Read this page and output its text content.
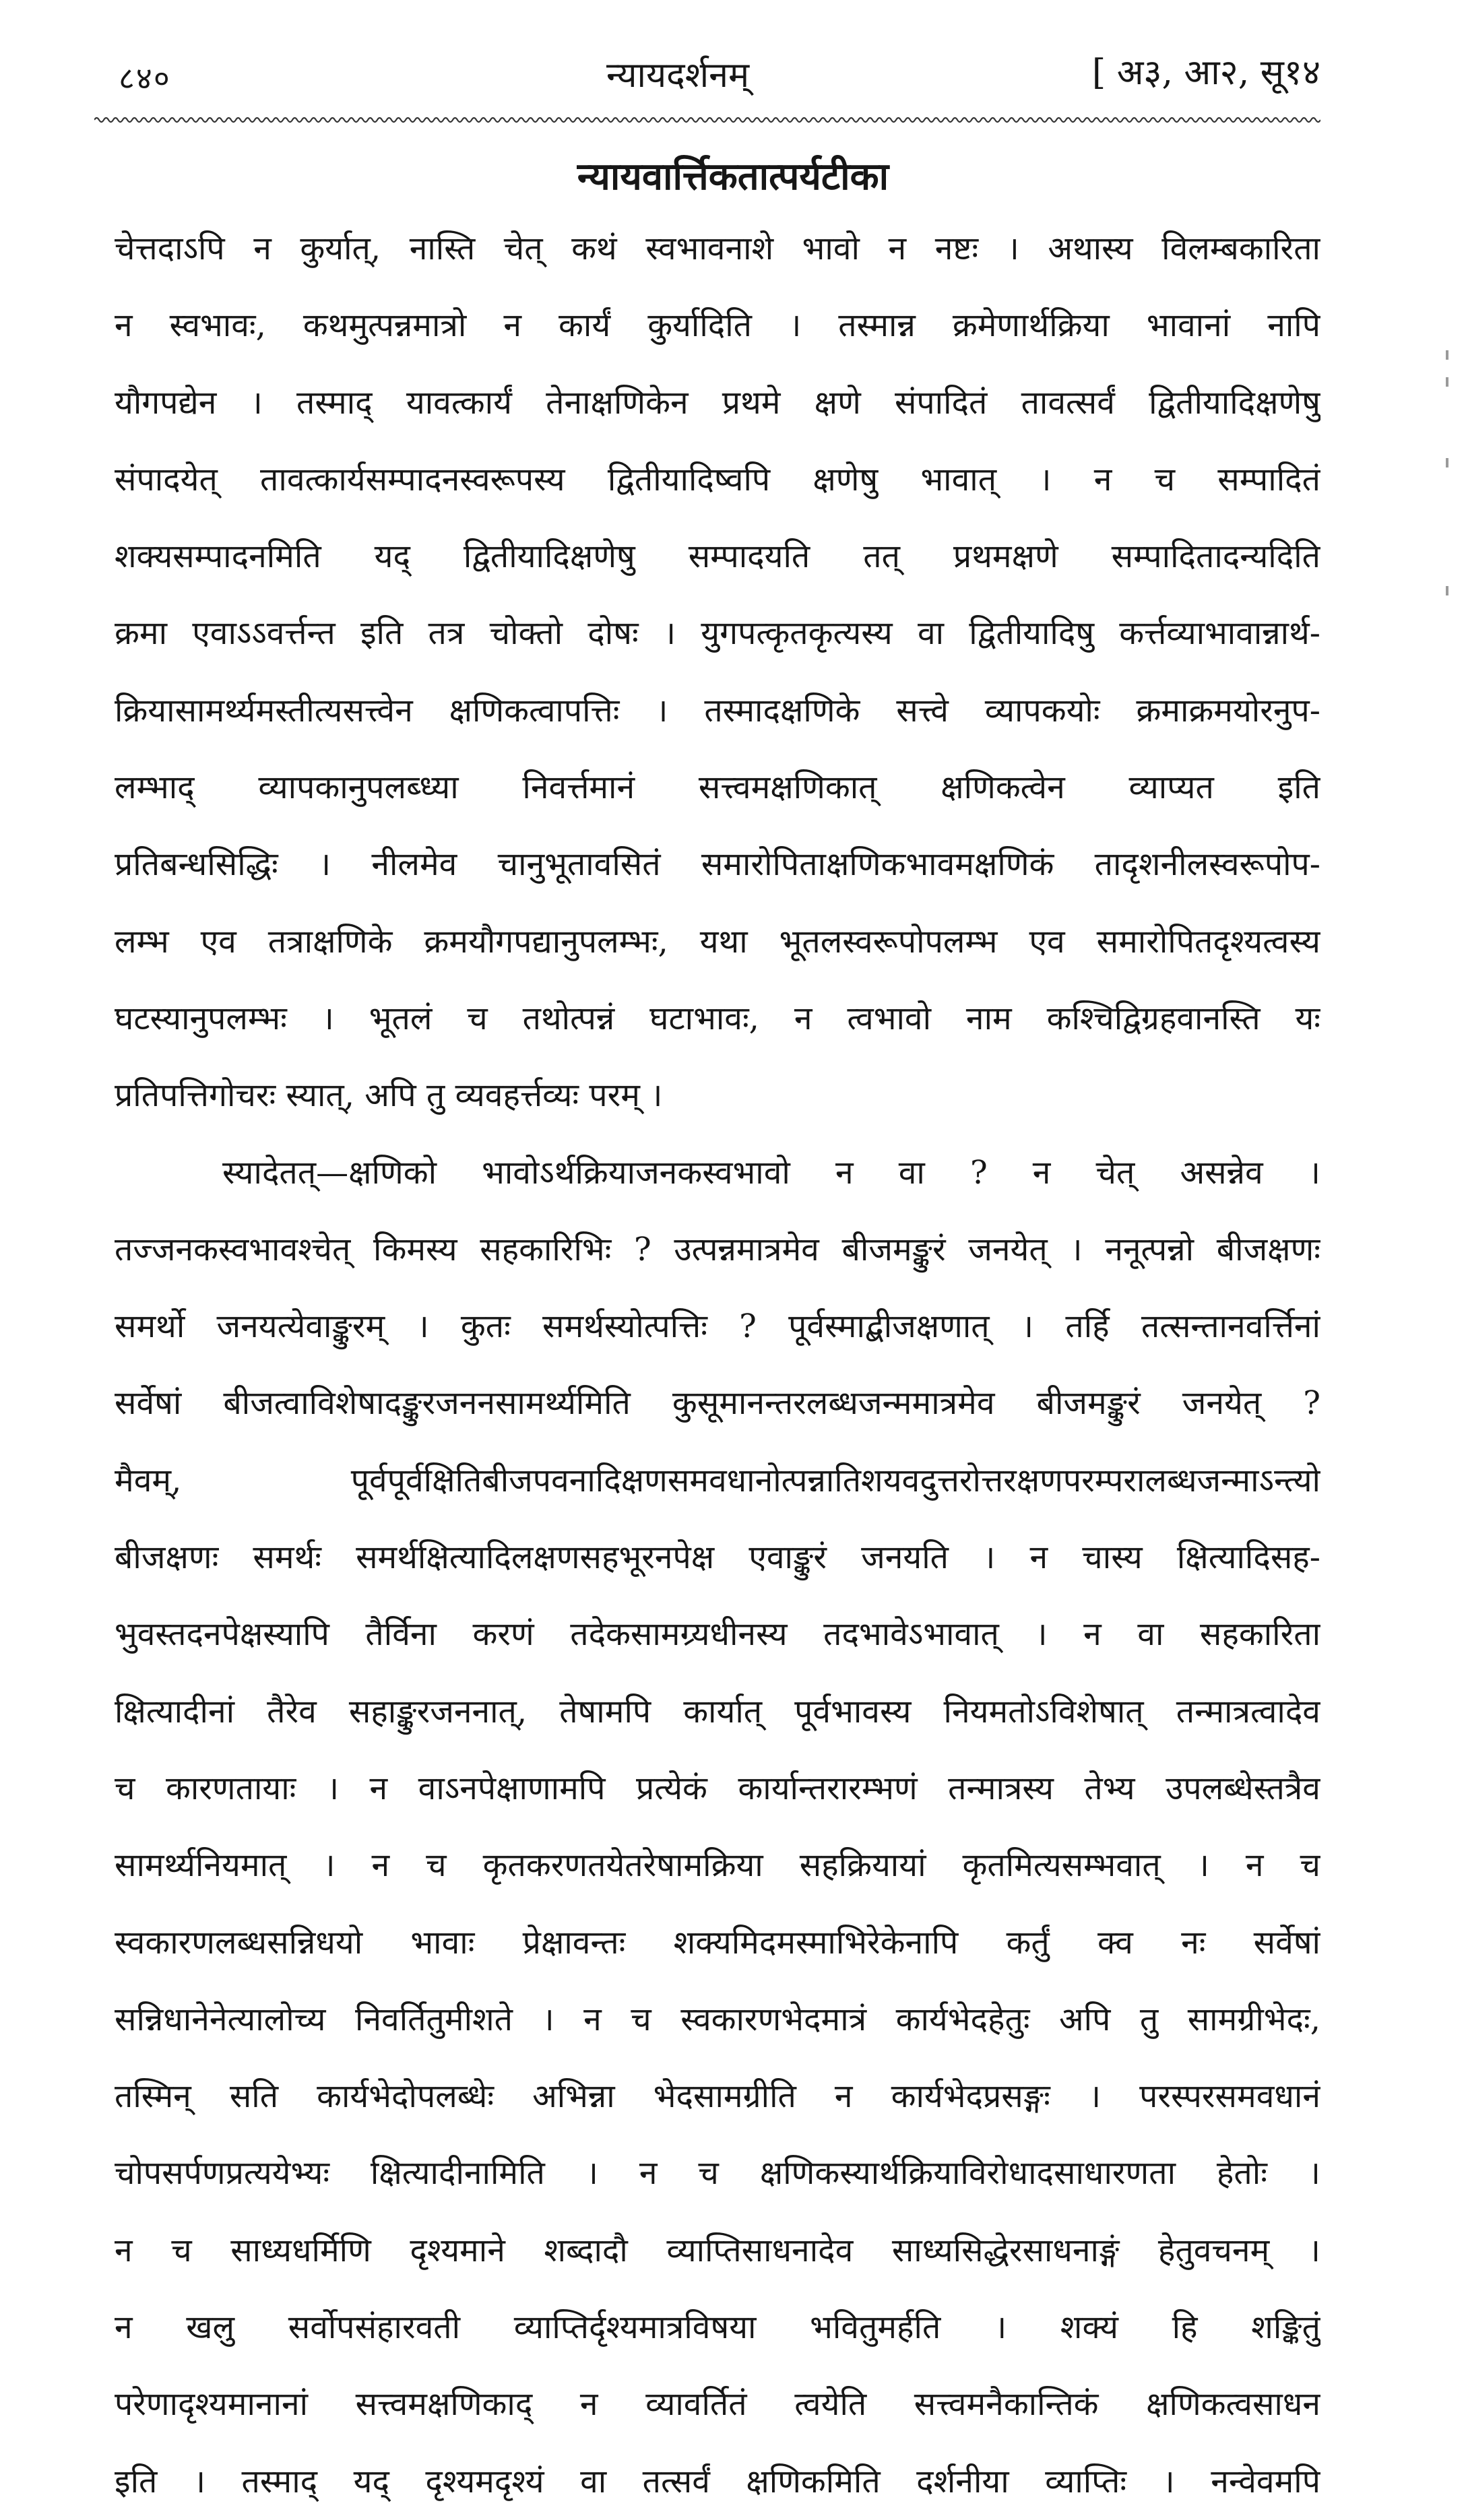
८४०	न्यायदर्शनम्	[ अ३, आ२, सू१४
न्यायवार्त्तिकतात्पर्यटीका
चेत्तदाऽपि न कुर्यात्, नास्ति चेत् कथं स्वभावनाशे भावो न नष्टः । अथास्य विलम्बकारिता
न स्वभावः, कथमुत्पन्नमात्रो न कार्यं कुर्यादिति । तस्मान्न क्रमेणार्थक्रिया भावानां नापि
यौगपद्येन । तस्माद् यावत्कार्यं तेनाक्षणिकेन प्रथमे क्षणे संपादितं तावत्सर्वं द्वितीयादिक्षणेषु
संपादयेत् तावत्कार्यसम्पादनस्वरूपस्य द्वितीयादिष्वपि क्षणेषु भावात् । न च सम्पादितं
शक्यसम्पादनमिति यद् द्वितीयादिक्षणेषु सम्पादयति तत् प्रथमक्षणे सम्पादितादन्यदिति
क्रमा एवाऽऽवर्त्तन्त इति तत्र चोक्तो दोषः । युगपत्कृतकृत्यस्य वा द्वितीयादिषु कर्त्तव्याभावान्नार्थ-
क्रियासामर्थ्यमस्तीत्यसत्त्वेन क्षणिकत्वापत्तिः । तस्मादक्षणिके सत्त्वे व्यापकयोः क्रमाक्रमयोरनुप-
लम्भाद् व्यापकानुपलब्ध्या निवर्त्तमानं सत्त्वमक्षणिकात् क्षणिकत्वेन व्याप्यत इति
प्रतिबन्धसिद्धिः । नीलमेव चानुभूतावसितं समारोपिताक्षणिकभावमक्षणिकं तादृशनीलस्वरूपोप-
लम्भ एव तत्राक्षणिके क्रमयौगपद्यानुपलम्भः, यथा भूतलस्वरूपोपलम्भ एव समारोपितदृश्यत्वस्य
घटस्यानुपलम्भः । भूतलं च तथोत्पन्नं घटाभावः, न त्वभावो नाम कश्चिद्विग्रहवानस्ति यः
प्रतिपत्तिगोचरः स्यात्, अपि तु व्यवहर्त्तव्यः परम् ।
स्यादेतत्—क्षणिको भावोऽर्थक्रियाजनकस्वभावो न वा ? न चेत् असन्नेव ।
तज्जनकस्वभावश्चेत् किमस्य सहकारिभिः ? उत्पन्नमात्रमेव बीजमङ्कुरं जनयेत् । ननूत्पन्नो बीजक्षणः
समर्थो जनयत्येवाङ्कुरम् । कुतः समर्थस्योत्पत्तिः ? पूर्वस्माद्बीजक्षणात् । तर्हि तत्सन्तानवर्त्तिनां
सर्वेषां बीजत्वाविशेषादङ्कुरजननसामर्थ्यमिति कुसूमानन्तरलब्धजन्ममात्रमेव बीजमङ्कुरं जनयेत् ?
मैवम्, पूर्वपूर्वक्षितिबीजपवनादिक्षणसमवधानोत्पन्नातिशयवदुत्तरोत्तरक्षणपरम्परालब्धजन्माऽन्त्यो
बीजक्षणः समर्थः समर्थक्षित्यादिलक्षणसहभूरनपेक्ष एवाङ्कुरं जनयति । न चास्य क्षित्यादिसह-
भुवस्तदनपेक्षस्यापि तैर्विना करणं तदेकसामग्र्यधीनस्य तदभावेऽभावात् । न वा सहकारिता
क्षित्यादीनां तैरेव सहाङ्कुरजननात्, तेषामपि कार्यात् पूर्वभावस्य नियमतोऽविशेषात् तन्मात्रत्वादेव
च कारणतायाः । न वाऽनपेक्षाणामपि प्रत्येकं कार्यान्तरारम्भणं तन्मात्रस्य तेभ्य उपलब्धेस्तत्रैव
सामर्थ्यनियमात् । न च कृतकरणतयेतरेषामक्रिया सहक्रियायां कृतमित्यसम्भवात् । न च
स्वकारणलब्धसन्निधयो भावाः प्रेक्षावन्तः शक्यमिदमस्माभिरेकेनापि कर्तुं क्व नः सर्वेषां
सन्निधानेनेत्यालोच्य निवर्तितुमीशते । न च स्वकारणभेदमात्रं कार्यभेदहेतुः अपि तु सामग्रीभेदः,
तस्मिन् सति कार्यभेदोपलब्धेः अभिन्ना भेदसामग्रीति न कार्यभेदप्रसङ्गः । परस्परसमवधानं
चोपसर्पणप्रत्ययेभ्यः क्षित्यादीनामिति । न च क्षणिकस्यार्थक्रियाविरोधादसाधारणता हेतोः ।
न च साध्यधर्मिणि दृश्यमाने शब्दादौ व्याप्तिसाधनादेव साध्यसिद्धेरसाधनाङ्गं हेतुवचनम् ।
न खलु सर्वोपसंहारवती व्याप्तिर्दृश्यमात्रविषया भवितुमर्हति । शक्यं हि शङ्कितुं
परेणादृश्यमानानां सत्त्वमक्षणिकाद् न व्यावर्तितं त्वयेति सत्त्वमनैकान्तिकं क्षणिकत्वसाधन
इति । तस्माद् यद् दृश्यमदृश्यं वा तत्सर्वं क्षणिकमिति दर्शनीया व्याप्तिः । नन्वेवमपि
